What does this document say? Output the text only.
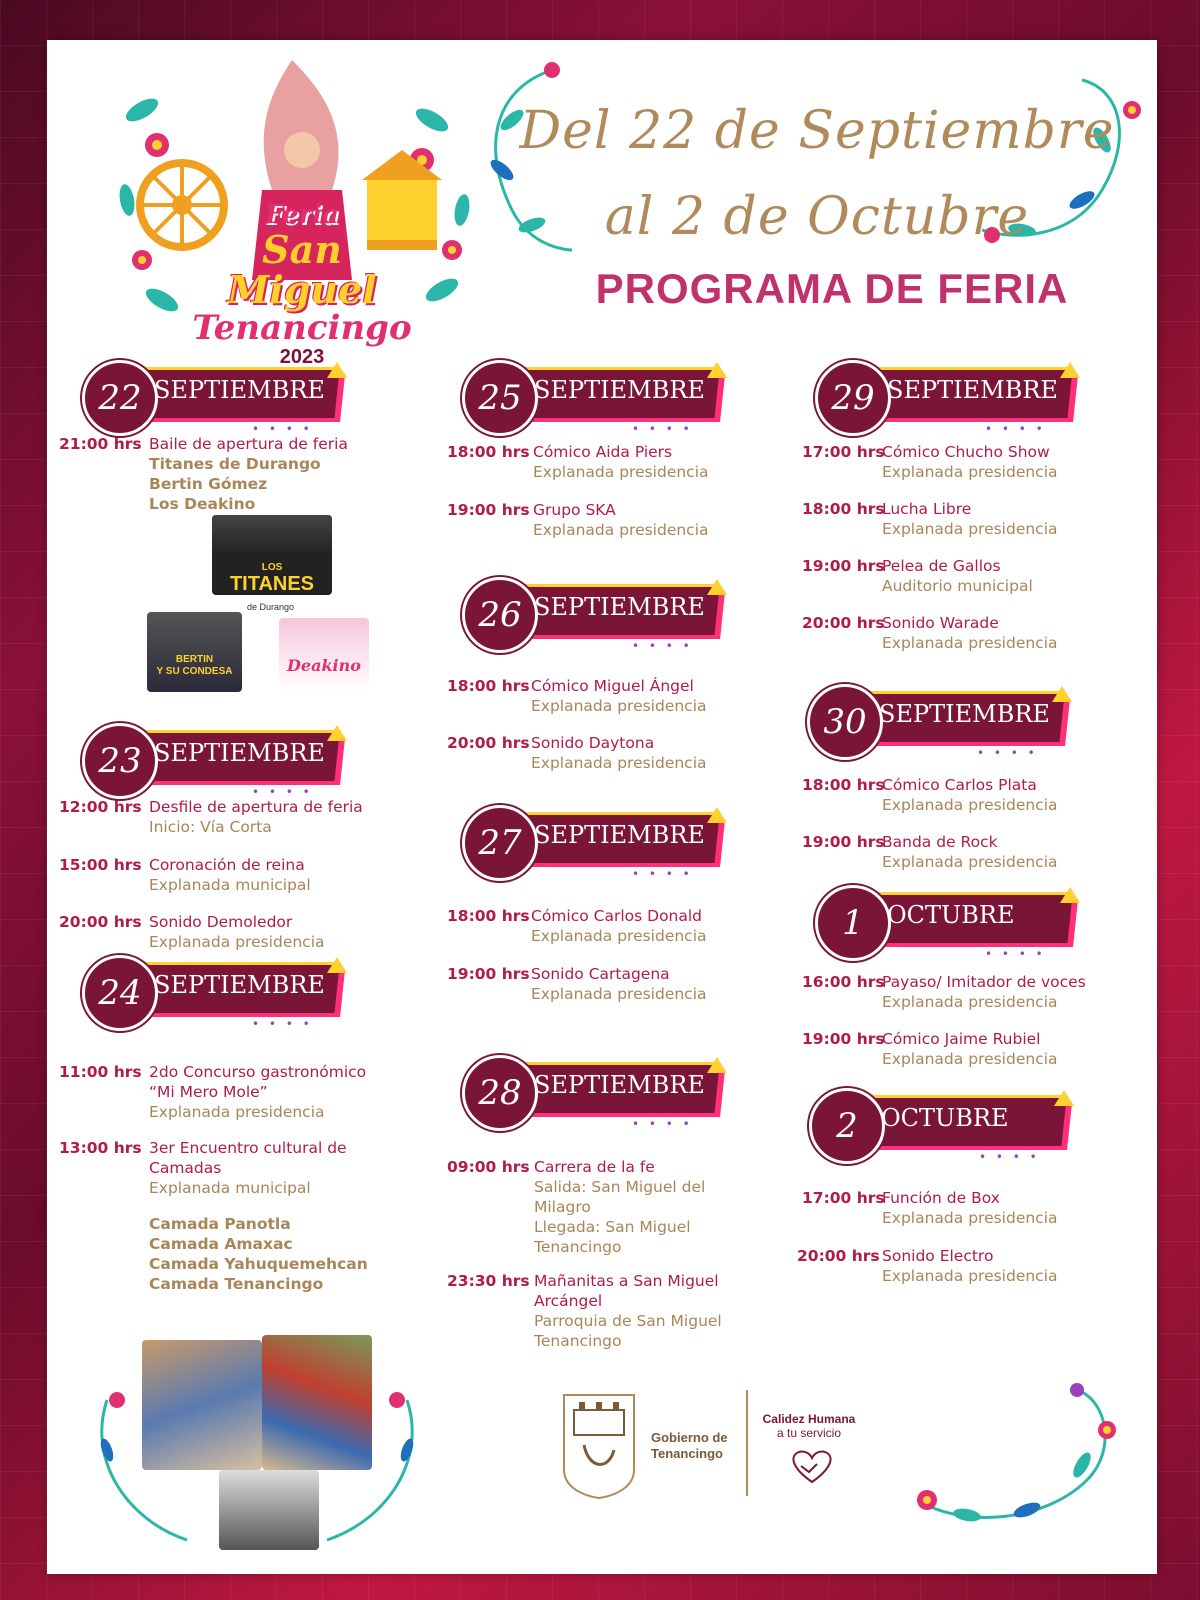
Feria
San Miguel
Tenancingo
2023
Del 22 de Septiembre
al 2 de Octubre
PROGRAMA DE FERIA
22 SEPTIEMBRE
• • • •
21:00 hrs Baile de apertura de feria
Titanes de Durango
Bertin Gómez
Los Deakino
LOS
TITANES
de Durango
BERTIN
Y SU CONDESA	Deakino
23 SEPTIEMBRE
• • • •
12:00 hrs Desfile de apertura de feria
Inicio: Vía Corta
15:00 hrs Coronación de reina
Explanada municipal
20:00 hrs Sonido Demoledor
Explanada presidencia
24 SEPTIEMBRE
• • • •
11:00 hrs 2do Concurso gastronómico
“Mi Mero Mole”
Explanada presidencia
13:00 hrs 3er Encuentro cultural de
Camadas
Explanada municipal
Camada Panotla
Camada Amaxac
Camada Yahuquemehcan
Camada Tenancingo
25 SEPTIEMBRE
• • • •
18:00 hrs Cómico Aida Piers
Explanada presidencia
19:00 hrs Grupo SKA
Explanada presidencia
26 SEPTIEMBRE
• • • •
18:00 hrs Cómico Miguel Ángel
Explanada presidencia
20:00 hrs Sonido Daytona
Explanada presidencia
27 SEPTIEMBRE
• • • •
18:00 hrs Cómico Carlos Donald
Explanada presidencia
19:00 hrs Sonido Cartagena
Explanada presidencia
28 SEPTIEMBRE
• • • •
09:00 hrs Carrera de la fe
Salida: San Miguel del
Milagro
Llegada: San Miguel
Tenancingo
23:30 hrs Mañanitas a San Miguel
Arcángel
Parroquia de San Miguel
Tenancingo
Gobierno de
Tenancingo
Calidez Humana
a tu servicio
29 SEPTIEMBRE
• • • •
17:00 hrs
Cómico Chucho Show
Explanada presidencia
18:00 hrs
Lucha Libre
Explanada presidencia
19:00 hrs
Pelea de Gallos
Auditorio municipal
20:00 hrs
Sonido Warade
Explanada presidencia
30 SEPTIEMBRE
• • • •
18:00 hrs
Cómico Carlos Plata
Explanada presidencia
19:00 hrs
Banda de Rock
Explanada presidencia
1 OCTUBRE
• • • •
16:00 hrs
Payaso/ Imitador de voces
Explanada presidencia
19:00 hrs
Cómico Jaime Rubiel
Explanada presidencia
2 OCTUBRE
• • • •
17:00 hrs
Función de Box
Explanada presidencia
20:00 hrs Sonido Electro
Explanada presidencia
